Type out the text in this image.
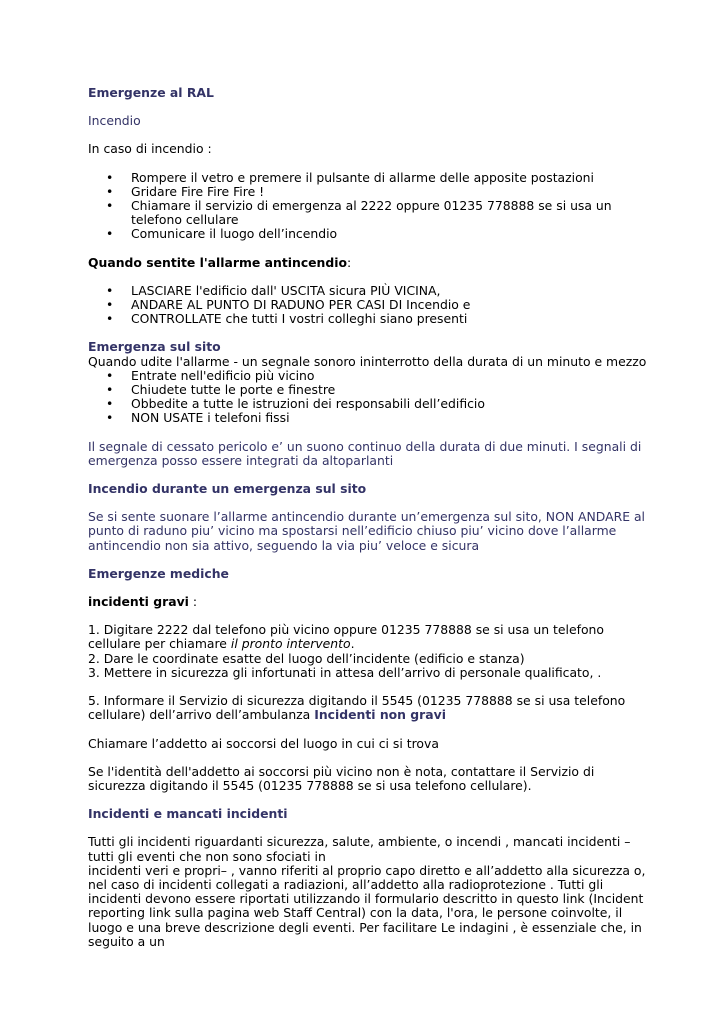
Emergenze al RAL

Incendio

In caso di incendio :

• Rompere il vetro e premere il pulsante di allarme delle apposite postazioni
• Gridare Fire Fire Fire !
• Chiamare il servizio di emergenza al 2222 oppure 01235 778888 se si usa un telefono cellulare
• Comunicare il luogo dell’incendio

Quando sentite l'allarme antincendio:

• LASCIARE l'edificio dall' USCITA sicura PIÙ VICINA,
• ANDARE AL PUNTO DI RADUNO PER CASI DI Incendio e
• CONTROLLATE che tutti I vostri colleghi siano presenti

Emergenza sul sito

Quando udite l'allarme - un segnale sonoro ininterrotto della durata di un minuto e mezzo

• Entrate nell'edificio più vicino
• Chiudete tutte le porte e finestre
• Obbedite a tutte le istruzioni dei responsabili dell’edificio
• NON USATE i telefoni fissi

Il segnale di cessato pericolo e’ un suono continuo della durata di due minuti. I segnali di emergenza posso essere integrati da altoparlanti

Incendio durante un emergenza sul sito

Se si sente suonare l’allarme antincendio durante un’emergenza sul sito, NON ANDARE al punto di raduno piu’ vicino ma spostarsi nell’edificio chiuso piu’ vicino dove l’allarme antincendio non sia attivo, seguendo la via piu’ veloce e sicura

Emergenze mediche

incidenti gravi :

1. Digitare 2222 dal telefono più vicino oppure 01235 778888 se si usa un telefono cellulare per chiamare il pronto intervento.

2. Dare le coordinate esatte del luogo dell’incidente (edificio e stanza)

3. Mettere in sicurezza gli infortunati in attesa dell’arrivo di personale qualificato, .

5. Informare il Servizio di sicurezza digitando il 5545 (01235 778888 se si usa telefono cellulare) dell’arrivo dell’ambulanza Incidenti non gravi

Chiamare l’addetto ai soccorsi del luogo in cui ci si trova

Se l'identità dell'addetto ai soccorsi più vicino non è nota, contattare il Servizio di sicurezza digitando il 5545 (01235 778888 se si usa telefono cellulare).

Incidenti e mancati incidenti

Tutti gli incidenti riguardanti sicurezza, salute, ambiente, o incendi , mancati incidenti – tutti gli eventi che non sono sfociati in

incidenti veri e propri– , vanno riferiti al proprio capo diretto e all’addetto alla sicurezza o, nel caso di incidenti collegati a radiazioni, all’addetto alla radioprotezione . Tutti gli incidenti devono essere riportati utilizzando il formulario descritto in questo link (Incident reporting link sulla pagina web Staff Central) con la data, l'ora, le persone coinvolte, il luogo e una breve descrizione degli eventi. Per facilitare Le indagini , è essenziale che, in seguito a un
